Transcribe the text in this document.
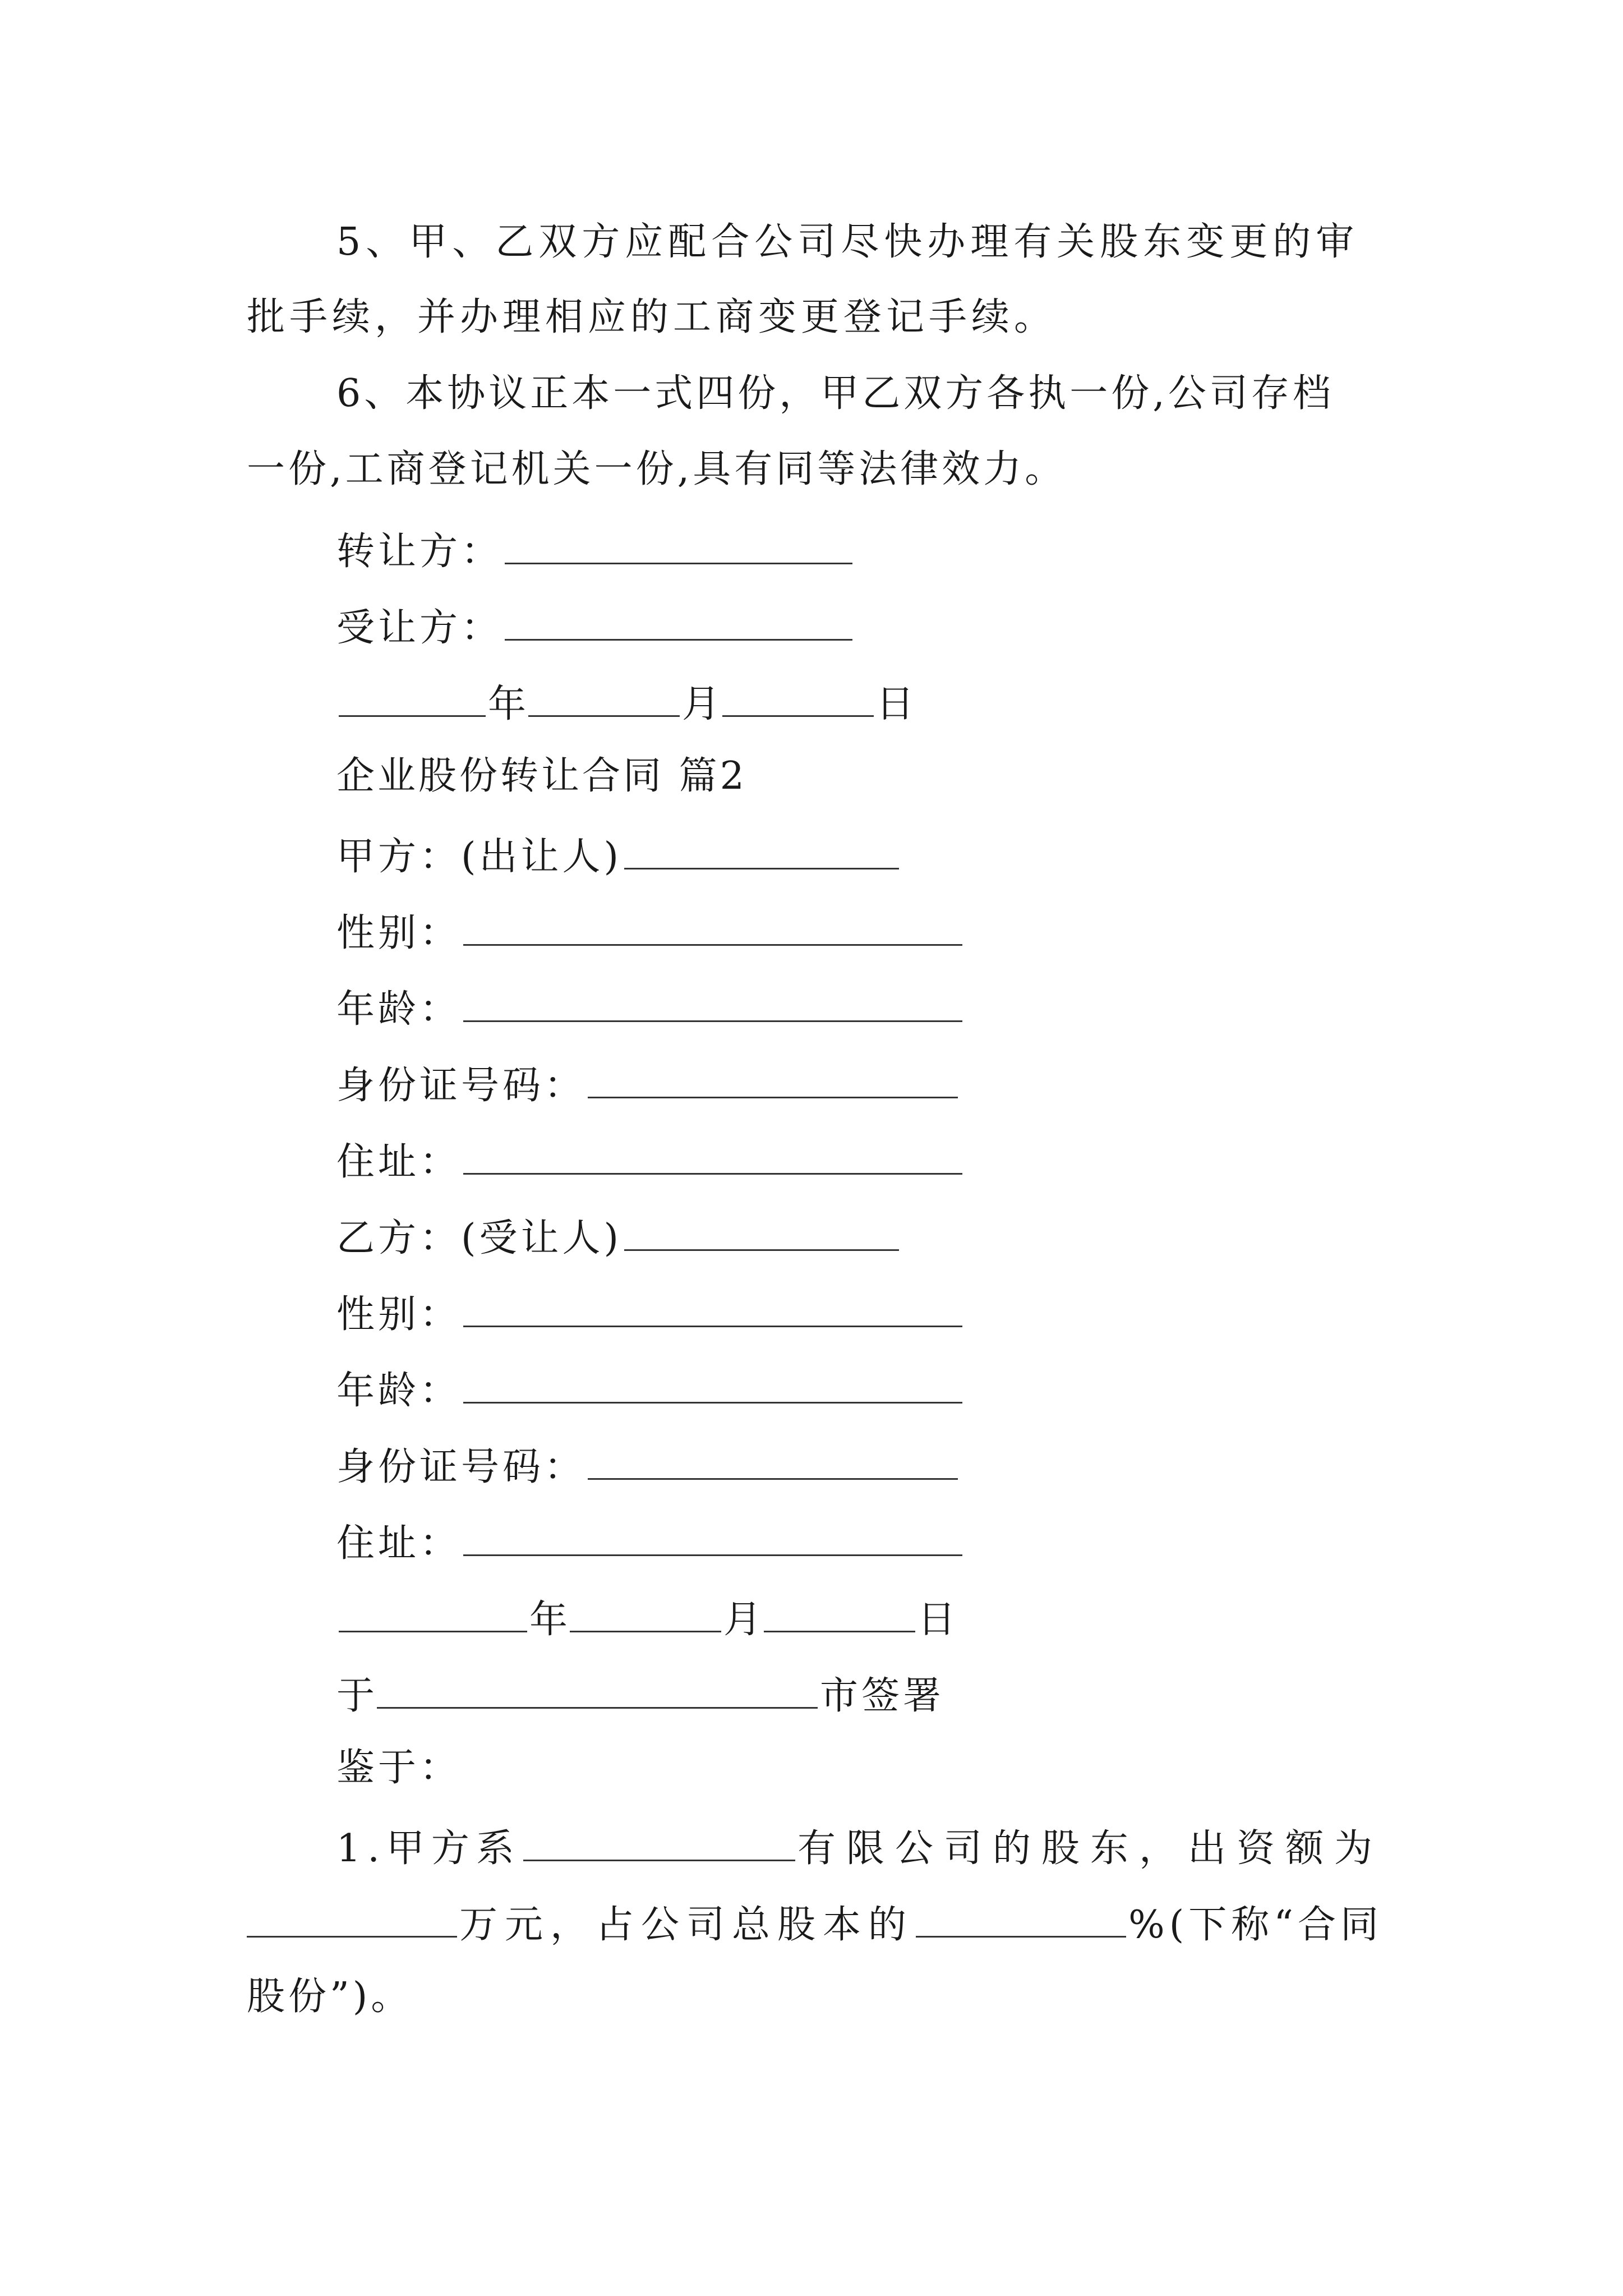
5、甲、乙双方应配合公司尽快办理有关股东变更的审
批手续，并办理相应的工商变更登记手续。
6、本协议正本一式四份，甲乙双方各执一份,公司存档
一份,工商登记机关一份,具有同等法律效力。
转让方：
受让方：
年	月	日
企业股份转让合同 篇2
甲方：(出让人)
性别：
年龄：
身份证号码：
住址：
乙方：(受让人)
性别：
年龄：
身份证号码：
住址：
年	月	日
于	市签署
鉴于：
1.甲方系	有限公司的股东，出资额为
万元，占公司总股本的	%(下称“合同
股份”)。
